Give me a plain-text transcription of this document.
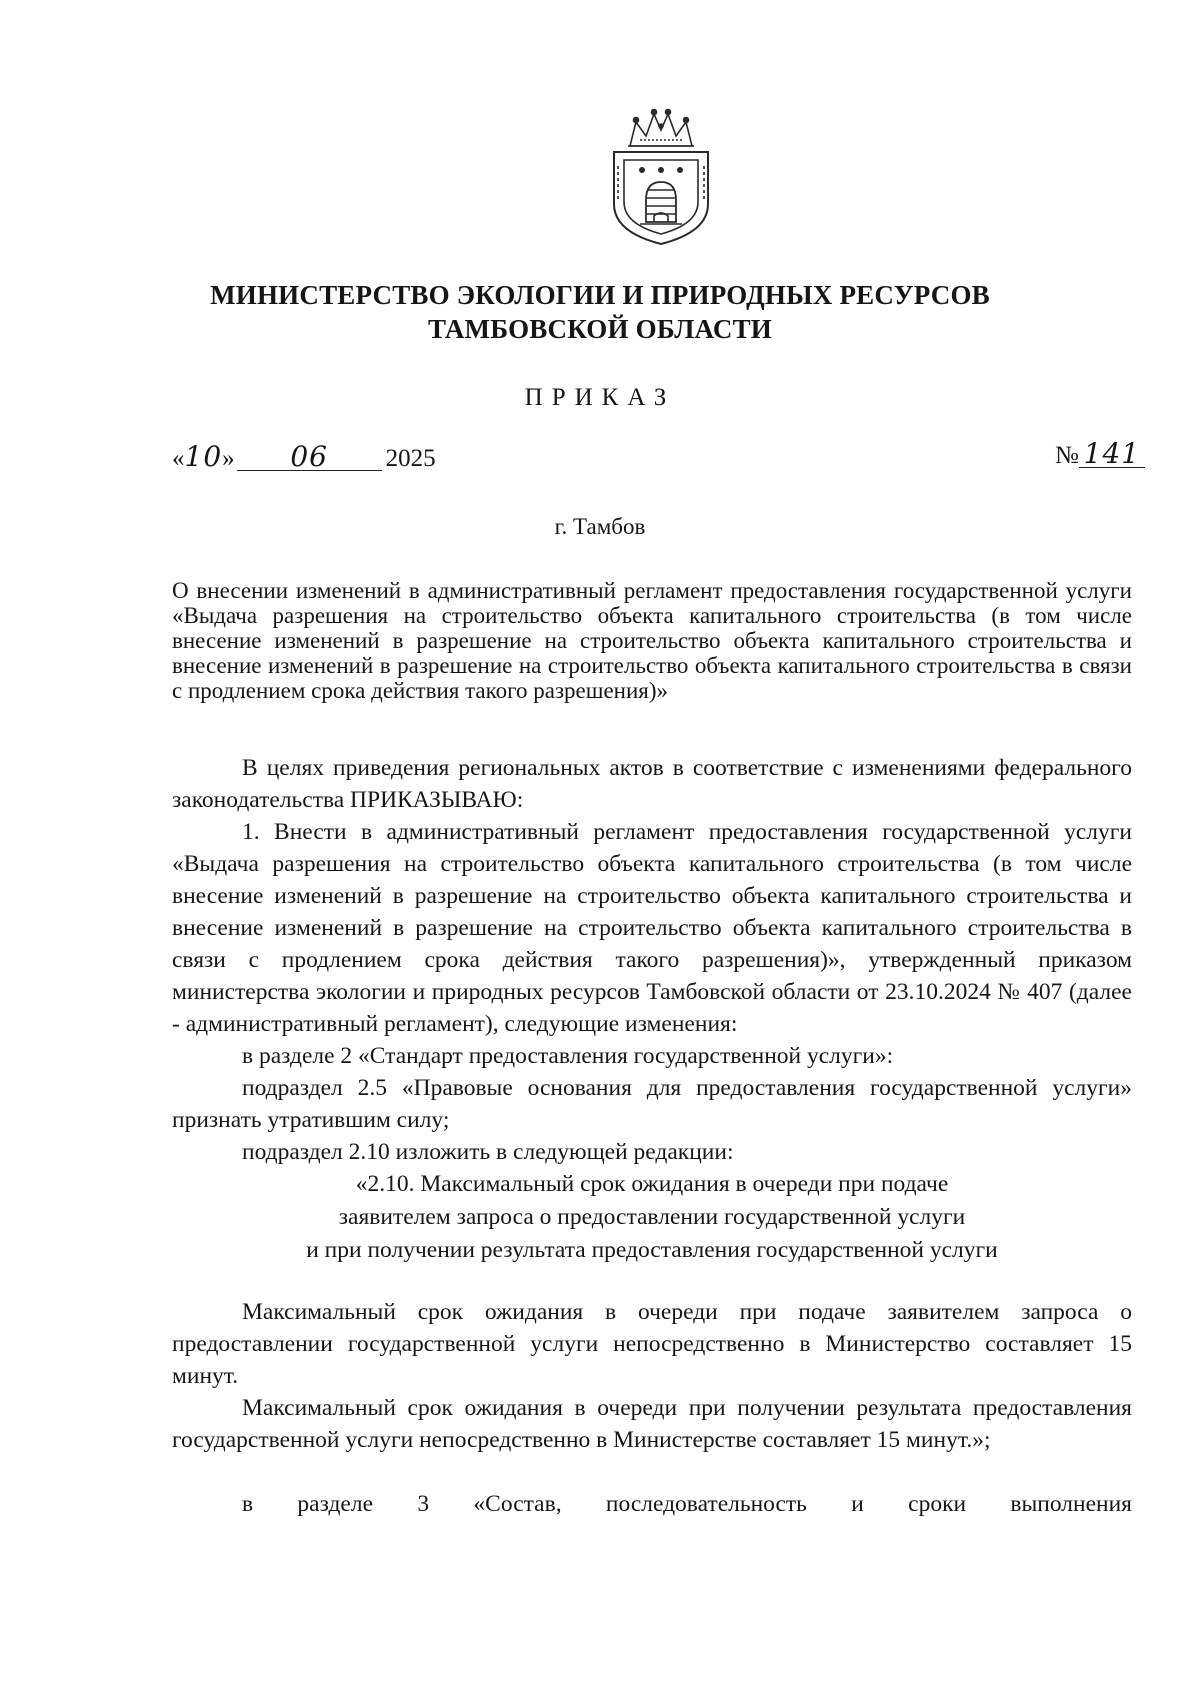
МИНИСТЕРСТВО ЭКОЛОГИИ И ПРИРОДНЫХ РЕСУРСОВ
ТАМБОВСКОЙ ОБЛАСТИ
ПРИКАЗ
«10» 06 2025	№ 141
г. Тамбов
О внесении изменений в административный регламент предоставления государственной услуги «Выдача разрешения на строительство объекта капитального строительства (в том числе внесение изменений в разрешение на строительство объекта капитального строительства и внесение изменений в разрешение на строительство объекта капитального строительства в связи с продлением срока действия такого разрешения)»

В целях приведения региональных актов в соответствие с изменениями федерального законодательства ПРИКАЗЫВАЮ:

1. Внести в административный регламент предоставления государственной услуги «Выдача разрешения на строительство объекта капитального строительства (в том числе внесение изменений в разрешение на строительство объекта капитального строительства и внесение изменений в разрешение на строительство объекта капитального строительства в связи с продлением срока действия такого разрешения)», утвержденный приказом министерства экологии и природных ресурсов Тамбовской области от 23.10.2024 № 407 (далее - административный регламент), следующие изменения:

в разделе 2 «Стандарт предоставления государственной услуги»:

подраздел 2.5 «Правовые основания для предоставления государственной услуги» признать утратившим силу;

подраздел 2.10 изложить в следующей редакции:

«2.10. Максимальный срок ожидания в очереди при подаче
заявителем запроса о предоставлении государственной услуги
и при получении результата предоставления государственной услуги

Максимальный срок ожидания в очереди при подаче заявителем запроса о предоставлении государственной услуги непосредственно в Министерство составляет 15 минут.

Максимальный срок ожидания в очереди при получении результата предоставления государственной услуги непосредственно в Министерстве составляет 15 минут.»;

в разделе 3 «Состав, последовательность и сроки выполнения
